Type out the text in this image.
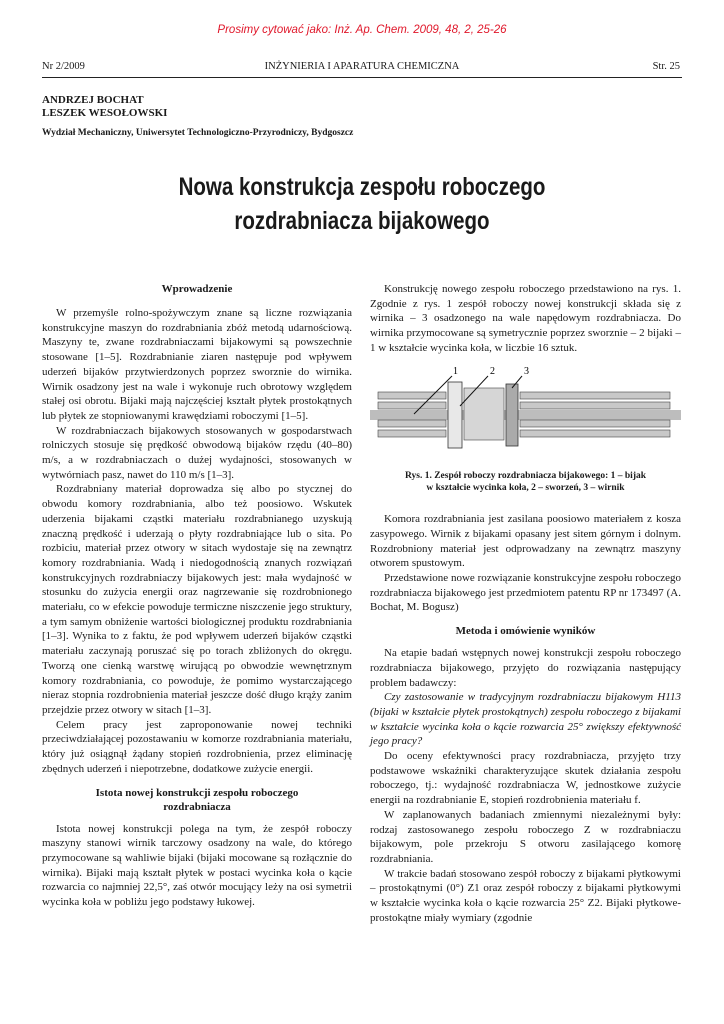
Prosimy cytować jako: Inż. Ap. Chem. 2009, 48, 2, 25-26
Nr 2/2009	INŻYNIERIA I APARATURA CHEMICZNA	Str. 25
ANDRZEJ BOCHAT
LESZEK WESOŁOWSKI
Wydział Mechaniczny, Uniwersytet Technologiczno-Przyrodniczy, Bydgoszcz
Nowa konstrukcja zespołu roboczego
rozdrabniacza bijakowego
Wprowadzenie

W przemyśle rolno-spożywczym znane są liczne rozwiązania konstrukcyjne maszyn do rozdrabniania zbóż metodą udarnościową. Maszyny te, zwane rozdrabniaczami bijakowymi są powszechnie stosowane [1–5]. Rozdrabnianie ziaren następuje pod wpływem uderzeń bijaków przytwierdzonych poprzez sworznie do wirnika. Wirnik osadzony jest na wale i wykonuje ruch obrotowy względem stałej osi obrotu. Bijaki mają najczęściej kształt płytek prostokątnych lub płytek ze stopniowanymi krawędziami roboczymi [1–5].

W rozdrabniaczach bijakowych stosowanych w gospodarstwach rolniczych stosuje się prędkość obwodową bijaków rzędu (40–80) m/s, a w rozdrabniaczach o dużej wydajności, stosowanych w wytwórniach pasz, nawet do 110 m/s [1–3].

Rozdrabniany materiał doprowadza się albo po stycznej do obwodu komory rozdrabniania, albo też poosiowo. Wskutek uderzenia bijakami cząstki materiału rozdrabnianego uzyskują znaczną prędkość i uderzają o płyty rozdrabniające lub o sita. Po rozbiciu, materiał przez otwory w sitach wydostaje się na zewnątrz komory rozdrabniania. Wadą i niedogodnością znanych rozwiązań konstrukcyjnych rozdrabniaczy bijakowych jest: mała wydajność w stosunku do zużycia energii oraz nagrzewanie się rozdrobnionego materiału, co w efekcie powoduje termiczne niszczenie jego struktury, a tym samym obniżenie wartości biologicznej produktu rozdrabniania [1–3]. Wynika to z faktu, że pod wpływem uderzeń bijaków cząstki materiału zaczynają poruszać się po torach zbliżonych do okręgu. Tworzą one cienką warstwę wirującą po obwodzie wewnętrznym komory rozdrabniania, co powoduje, że pomimo wystarczającego nieraz stopnia rozdrobnienia materiał jeszcze dość długo krąży zanim przejdzie przez otwory w sitach [1–3].

Celem pracy jest zaproponowanie nowej techniki przeciwdziałającej pozostawaniu w komorze rozdrabniania materiału, który już osiągnął żądany stopień rozdrobnienia, przez eliminację zbędnych uderzeń i niepotrzebne, dodatkowe zużycie energii.

Istota nowej konstrukcji zespołu roboczego
rozdrabniacza

Istota nowej konstrukcji polega na tym, że zespół roboczy maszyny stanowi wirnik tarczowy osadzony na wale, do którego przymocowane są wahliwie bijaki (bijaki mocowane są rozłącznie do wirnika). Bijaki mają kształt płytek w postaci wycinka koła o kącie rozwarcia co najmniej 22,5°, zaś otwór mocujący leży na osi symetrii wycinka koła w pobliżu jego podstawy łukowej.

Konstrukcję nowego zespołu roboczego przedstawiono na rys. 1. Zgodnie z rys. 1 zespół roboczy nowej konstrukcji składa się z wirnika – 3 osadzonego na wale napędowym rozdrabniacza. Do wirnika przymocowane są symetrycznie poprzez sworznie – 2 bijaki – 1 w kształcie wycinka koła, w liczbie 16 sztuk.

1	2	3

Rys. 1. Zespół roboczy rozdrabniacza bijakowego: 1 – bijak
w kształcie wycinka koła, 2 – sworzeń, 3 – wirnik

Komora rozdrabniania jest zasilana poosiowo materiałem z kosza zasypowego. Wirnik z bijakami opasany jest sitem górnym i dolnym. Rozdrobniony materiał jest odprowadzany na zewnątrz maszyny otworem spustowym.

Przedstawione nowe rozwiązanie konstrukcyjne zespołu roboczego rozdrabniacza bijakowego jest przedmiotem patentu RP nr 173497 (A. Bochat, M. Bogusz)

Metoda i omówienie wyników

Na etapie badań wstępnych nowej konstrukcji zespołu roboczego rozdrabniacza bijakowego, przyjęto do rozwiązania następujący problem badawczy:

Czy zastosowanie w tradycyjnym rozdrabniaczu bijakowym H113 (bijaki w kształcie płytek prostokątnych) zespołu roboczego z bijakami w kształcie wycinka koła o kącie rozwarcia 25° zwiększy efektywność jego pracy?

Do oceny efektywności pracy rozdrabniacza, przyjęto trzy podstawowe wskaźniki charakteryzujące skutek działania zespołu roboczego, tj.: wydajność rozdrabniacza W, jednostkowe zużycie energii na rozdrabnianie E, stopień rozdrobnienia materiału f.

W zaplanowanych badaniach zmiennymi niezależnymi były: rodzaj zastosowanego zespołu roboczego Z w rozdrabniaczu bijakowym, pole przekroju S otworu zasilającego komorę rozdrabniania.

W trakcie badań stosowano zespół roboczy z bijakami płytkowymi – prostokątnymi (0°) Z1 oraz zespół roboczy z bijakami płytkowymi w kształcie wycinka koła o kącie rozwarcia 25° Z2. Bijaki płytkowe-prostokątne miały wymiary (zgodnie
